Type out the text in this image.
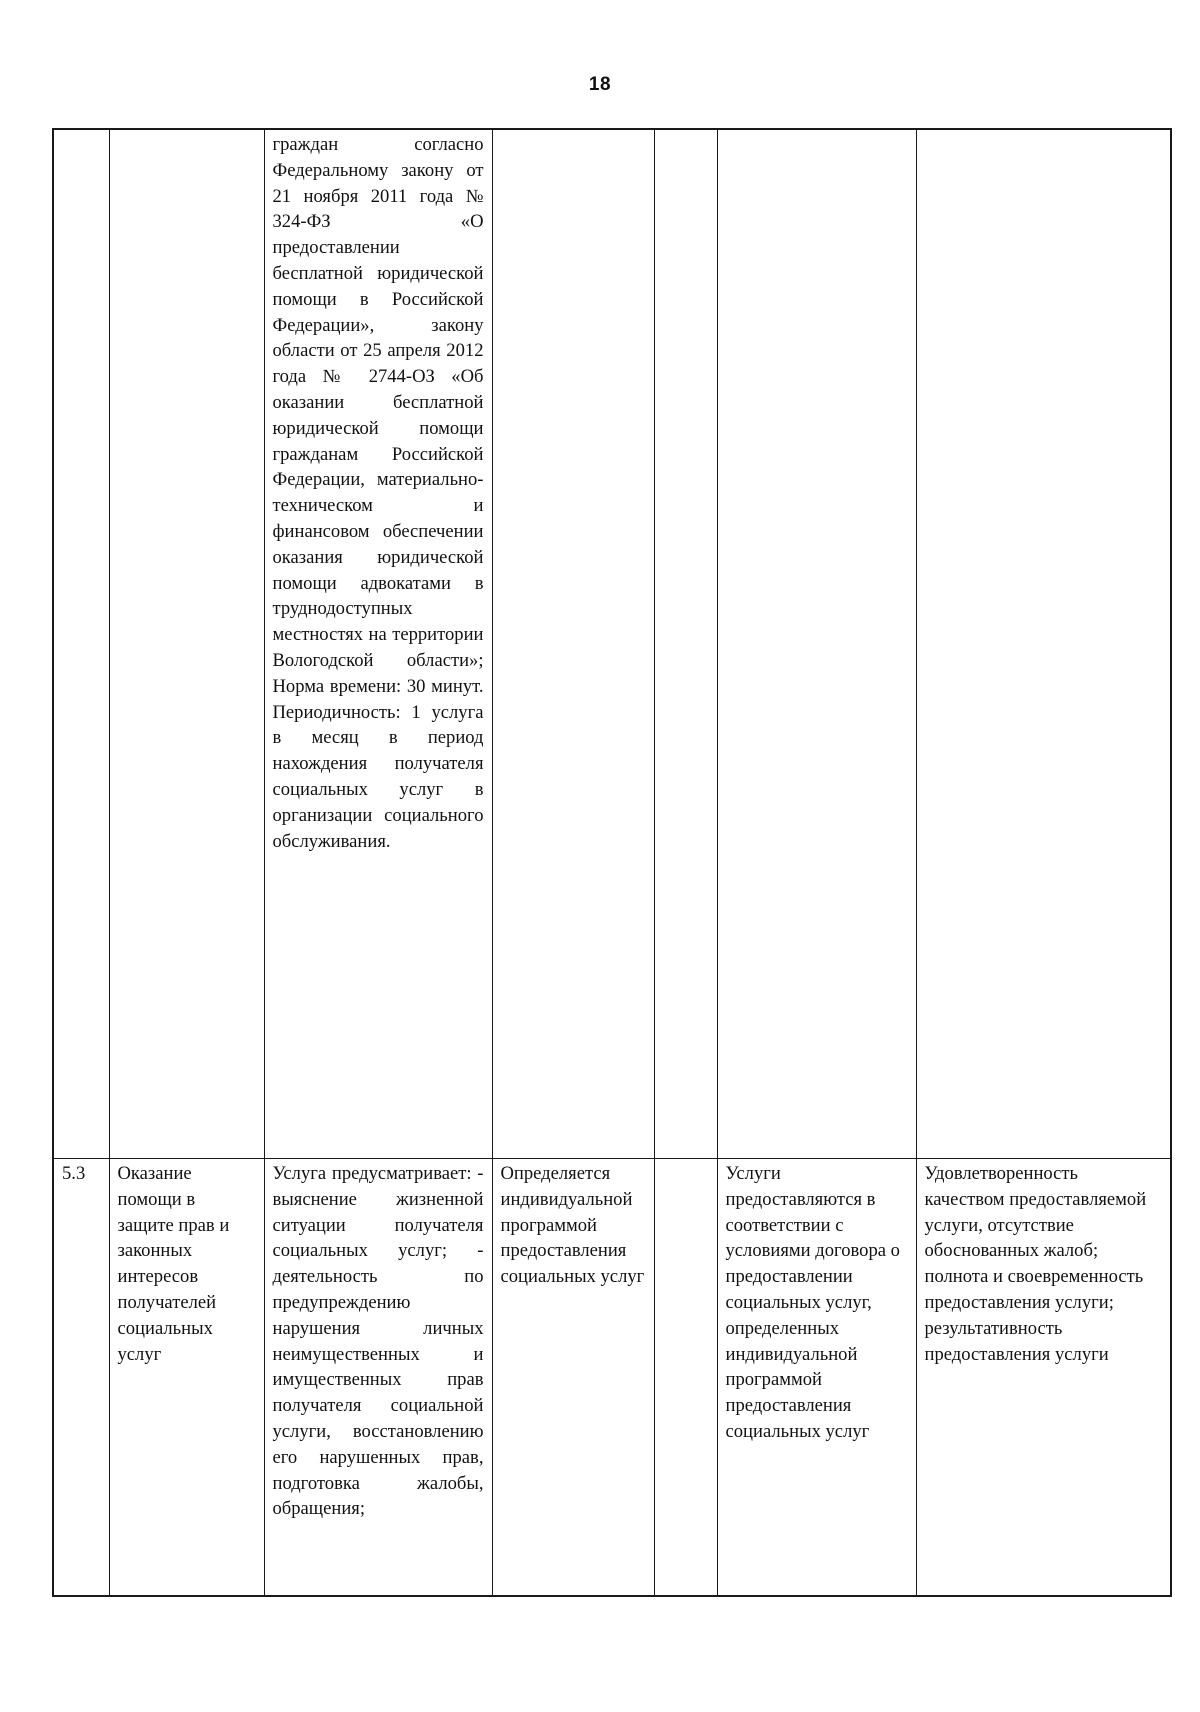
18
		граждан согласно Федеральному закону от 21 ноября 2011 года № 324-ФЗ «О предоставлении бесплатной юридической помощи в Российской Федерации», закону области от 25 апреля 2012 года № 2744-ОЗ «Об оказании бесплатной юридической помощи гражданам Российской Федерации, материально-техническом и финансовом обеспечении оказания юридической помощи адвокатами в труднодоступных местностях на территории Вологодской области»; Норма времени: 30 минут. Периодичность: 1 услуга в месяц в период нахождения получателя социальных услуг в организации социального обслуживания.				
5.3	Оказание помощи в защите прав и законных интересов получателей социальных услуг	Услуга предусматривает: - выяснение жизненной ситуации получателя социальных услуг; - деятельность по предупреждению нарушения личных неимущественных и имущественных прав получателя социальной услуги, восстановлению его нарушенных прав, подготовка жалобы, обращения;	Определяется индивидуальной программой предоставления социальных услуг		Услуги предоставляются в соответствии с условиями договора о предоставлении социальных услуг, определенных индивидуальной программой предоставления социальных услуг	Удовлетворенность качеством предоставляемой услуги, отсутствие обоснованных жалоб; полнота и своевременность предоставления услуги; результативность предоставления услуги
